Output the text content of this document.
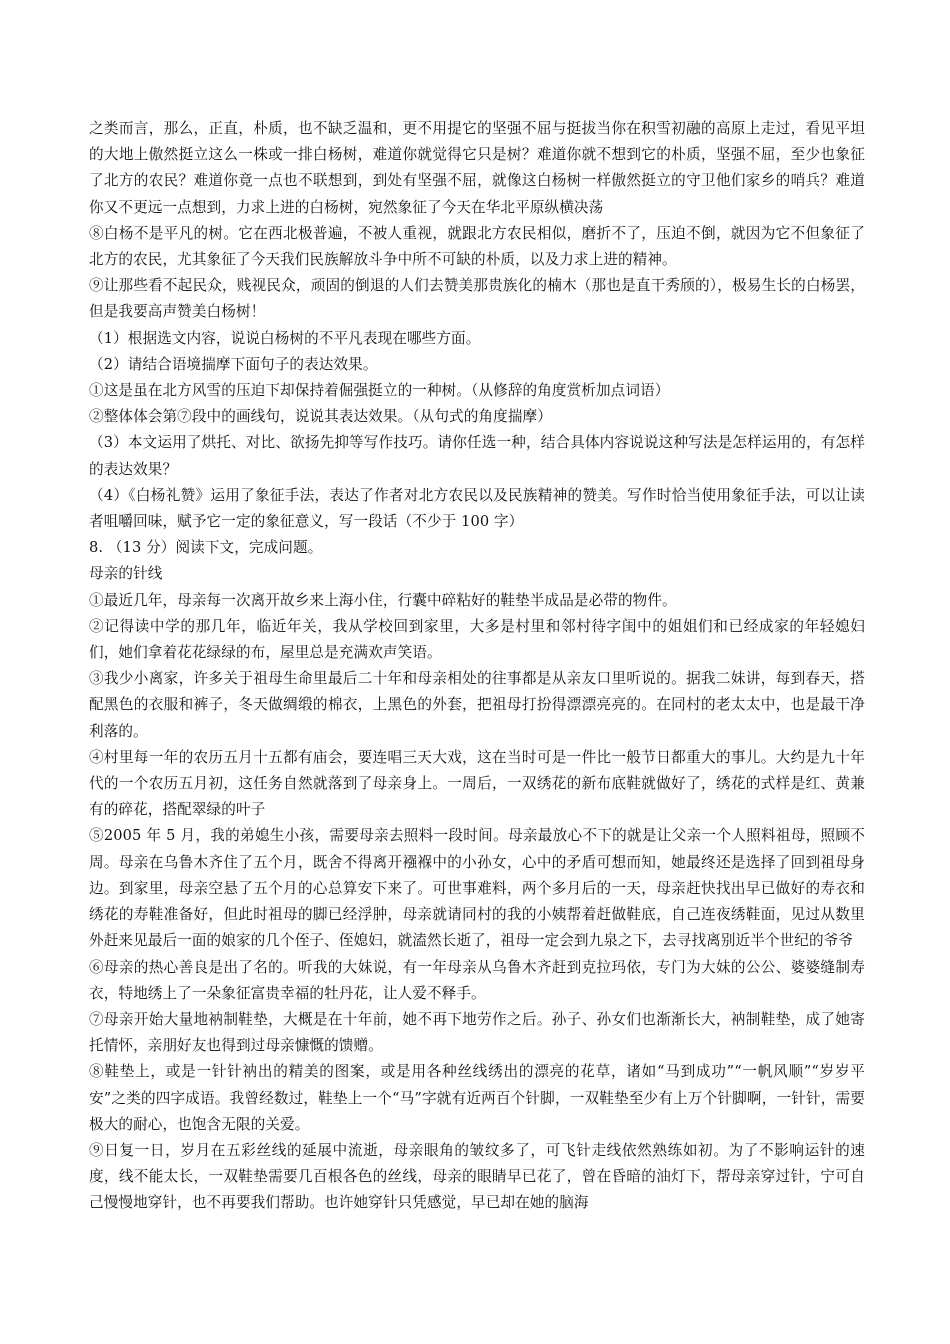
之类而言，那么，正直，朴质，也不缺乏温和，更不用提它的坚强不屈与挺拔当你在积雪初融的高原上走过，看见平坦的大地上傲然挺立这么一株或一排白杨树，难道你就觉得它只是树？难道你就不想到它的朴质，坚强不屈，至少也象征了北方的农民？难道你竟一点也不联想到，到处有坚强不屈，就像这白杨树一样傲然挺立的守卫他们家乡的哨兵？难道你又不更远一点想到，力求上进的白杨树，宛然象征了今天在华北平原纵横决荡

⑧白杨不是平凡的树。它在西北极普遍，不被人重视，就跟北方农民相似，磨折不了，压迫不倒，就因为它不但象征了北方的农民，尤其象征了今天我们民族解放斗争中所不可缺的朴质，以及力求上进的精神。

⑨让那些看不起民众，贱视民众，顽固的倒退的人们去赞美那贵族化的楠木（那也是直干秀颀的），极易生长的白杨罢，但是我要高声赞美白杨树！

（1）根据选文内容，说说白杨树的不平凡表现在哪些方面。

（2）请结合语境揣摩下面句子的表达效果。

①这是虽在北方风雪的压迫下却保持着倔强挺立的一种树。（从修辞的角度赏析加点词语）

②整体体会第⑦段中的画线句，说说其表达效果。（从句式的角度揣摩）

（3）本文运用了烘托、对比、欲扬先抑等写作技巧。请你任选一种，结合具体内容说说这种写法是怎样运用的，有怎样的表达效果？

（4）《白杨礼赞》运用了象征手法，表达了作者对北方农民以及民族精神的赞美。写作时恰当使用象征手法，可以让读者咀嚼回味，赋予它一定的象征意义，写一段话（不少于 100 字）

8. （13 分）阅读下文，完成问题。

母亲的针线

①最近几年，母亲每一次离开故乡来上海小住，行囊中碎粘好的鞋垫半成品是必带的物件。

②记得读中学的那几年，临近年关，我从学校回到家里，大多是村里和邻村待字闺中的姐姐们和已经成家的年轻媳妇们，她们拿着花花绿绿的布，屋里总是充满欢声笑语。

③我少小离家，许多关于祖母生命里最后二十年和母亲相处的往事都是从亲友口里听说的。据我二妹讲，每到春天，搭配黑色的衣服和裤子，冬天做绸缎的棉衣，上黑色的外套，把祖母打扮得漂漂亮亮的。在同村的老太太中，也是最干净利落的。

④村里每一年的农历五月十五都有庙会，要连唱三天大戏，这在当时可是一件比一般节日都重大的事儿。大约是九十年代的一个农历五月初，这任务自然就落到了母亲身上。一周后，一双绣花的新布底鞋就做好了，绣花的式样是红、黄兼有的碎花，搭配翠绿的叶子

⑤2005 年 5 月，我的弟媳生小孩，需要母亲去照料一段时间。母亲最放心不下的就是让父亲一个人照料祖母，照顾不周。母亲在乌鲁木齐住了五个月，既舍不得离开襁褓中的小孙女，心中的矛盾可想而知，她最终还是选择了回到祖母身边。到家里，母亲空悬了五个月的心总算安下来了。可世事难料，两个多月后的一天，母亲赶快找出早已做好的寿衣和绣花的寿鞋准备好，但此时祖母的脚已经浮肿，母亲就请同村的我的小姨帮着赶做鞋底，自己连夜绣鞋面，见过从数里外赶来见最后一面的娘家的几个侄子、侄媳妇，就溘然长逝了，祖母一定会到九泉之下，去寻找离别近半个世纪的爷爷

⑥母亲的热心善良是出了名的。听我的大妹说，有一年母亲从乌鲁木齐赶到克拉玛依，专门为大妹的公公、婆婆缝制寿衣，特地绣上了一朵象征富贵幸福的牡丹花，让人爱不释手。

⑦母亲开始大量地衲制鞋垫，大概是在十年前，她不再下地劳作之后。孙子、孙女们也渐渐长大，衲制鞋垫，成了她寄托情怀，亲朋好友也得到过母亲慷慨的馈赠。

⑧鞋垫上，或是一针针衲出的精美的图案，或是用各种丝线绣出的漂亮的花草，诸如“马到成功”“一帆风顺”“岁岁平安”之类的四字成语。我曾经数过，鞋垫上一个“马”字就有近两百个针脚，一双鞋垫至少有上万个针脚啊，一针针，需要极大的耐心，也饱含无限的关爱。

⑨日复一日，岁月在五彩丝线的延展中流逝，母亲眼角的皱纹多了，可飞针走线依然熟练如初。为了不影响运针的速度，线不能太长，一双鞋垫需要几百根各色的丝线，母亲的眼睛早已花了，曾在昏暗的油灯下，帮母亲穿过针，宁可自己慢慢地穿针，也不再要我们帮助。也许她穿针只凭感觉，早已却在她的脑海
